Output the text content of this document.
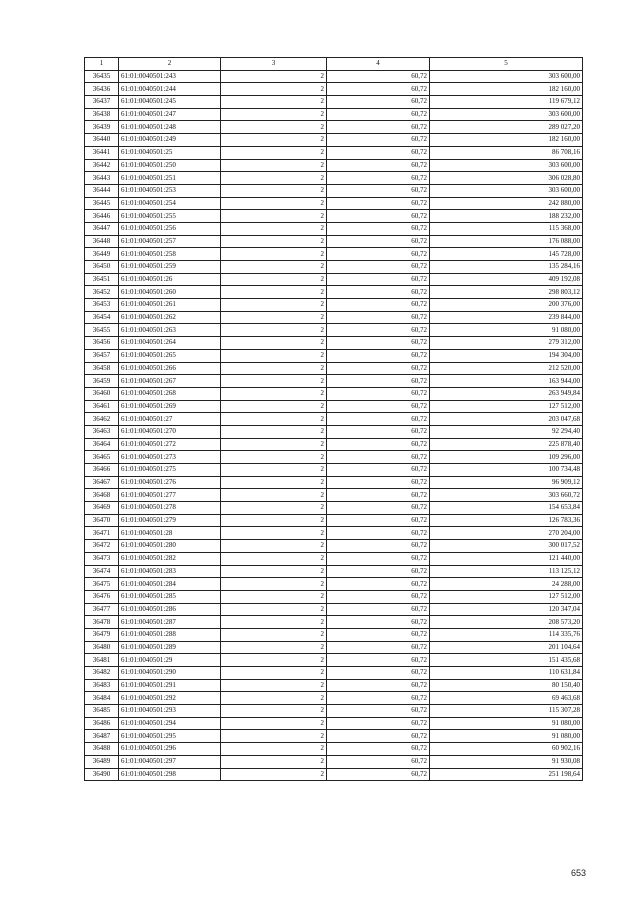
1	2	3	4	5
36435	61:01:0040501:243	2	60,72	303 600,00
36436	61:01:0040501:244	2	60,72	182 160,00
36437	61:01:0040501:245	2	60,72	119 679,12
36438	61:01:0040501:247	2	60,72	303 600,00
36439	61:01:0040501:248	2	60,72	289 027,20
36440	61:01:0040501:249	2	60,72	182 160,00
36441	61:01:0040501:25	2	60,72	86 708,16
36442	61:01:0040501:250	2	60,72	303 600,00
36443	61:01:0040501:251	2	60,72	306 028,80
36444	61:01:0040501:253	2	60,72	303 600,00
36445	61:01:0040501:254	2	60,72	242 880,00
36446	61:01:0040501:255	2	60,72	188 232,00
36447	61:01:0040501:256	2	60,72	115 368,00
36448	61:01:0040501:257	2	60,72	176 088,00
36449	61:01:0040501:258	2	60,72	145 728,00
36450	61:01:0040501:259	2	60,72	135 284,16
36451	61:01:0040501:26	2	60,72	409 192,08
36452	61:01:0040501:260	2	60,72	298 803,12
36453	61:01:0040501:261	2	60,72	200 376,00
36454	61:01:0040501:262	2	60,72	239 844,00
36455	61:01:0040501:263	2	60,72	91 080,00
36456	61:01:0040501:264	2	60,72	279 312,00
36457	61:01:0040501:265	2	60,72	194 304,00
36458	61:01:0040501:266	2	60,72	212 520,00
36459	61:01:0040501:267	2	60,72	163 944,00
36460	61:01:0040501:268	2	60,72	263 949,84
36461	61:01:0040501:269	2	60,72	127 512,00
36462	61:01:0040501:27	2	60,72	203 047,68
36463	61:01:0040501:270	2	60,72	92 294,40
36464	61:01:0040501:272	2	60,72	225 878,40
36465	61:01:0040501:273	2	60,72	109 296,00
36466	61:01:0040501:275	2	60,72	100 734,48
36467	61:01:0040501:276	2	60,72	96 909,12
36468	61:01:0040501:277	2	60,72	303 660,72
36469	61:01:0040501:278	2	60,72	154 653,84
36470	61:01:0040501:279	2	60,72	126 783,36
36471	61:01:0040501:28	2	60,72	270 204,00
36472	61:01:0040501:280	2	60,72	300 017,52
36473	61:01:0040501:282	2	60,72	121 440,00
36474	61:01:0040501:283	2	60,72	113 125,12
36475	61:01:0040501:284	2	60,72	24 288,00
36476	61:01:0040501:285	2	60,72	127 512,00
36477	61:01:0040501:286	2	60,72	120 347,04
36478	61:01:0040501:287	2	60,72	208 573,20
36479	61:01:0040501:288	2	60,72	114 335,76
36480	61:01:0040501:289	2	60,72	201 104,64
36481	61:01:0040501:29	2	60,72	151 435,68
36482	61:01:0040501:290	2	60,72	110 631,84
36483	61:01:0040501:291	2	60,72	80 150,40
36484	61:01:0040501:292	2	60,72	69 463,68
36485	61:01:0040501:293	2	60,72	115 307,28
36486	61:01:0040501:294	2	60,72	91 080,00
36487	61:01:0040501:295	2	60,72	91 080,00
36488	61:01:0040501:296	2	60,72	60 902,16
36489	61:01:0040501:297	2	60,72	91 930,08
36490	61:01:0040501:298	2	60,72	251 198,64
653
